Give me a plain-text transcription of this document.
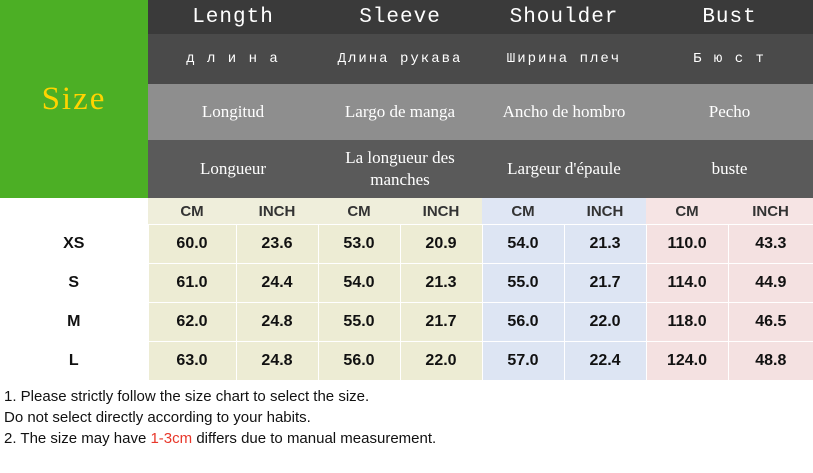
Size	Length		Sleeve		Shoulder		Bust	
	д л и н а		Длина рукава		Ширина плеч		Б ю с т	
	Longitud		Largo de manga		Ancho de hombro		Pecho	
	Longueur		La longueur des manches		Largeur d'épaule		buste	
	CM	INCH	CM	INCH	CM	INCH	CM	INCH
XS	60.0	23.6	53.0	20.9	54.0	21.3	110.0	43.3
S	61.0	24.4	54.0	21.3	55.0	21.7	114.0	44.9
M	62.0	24.8	55.0	21.7	56.0	22.0	118.0	46.5
L	63.0	24.8	56.0	22.0	57.0	22.4	124.0	48.8
1. Please strictly follow the size chart to select the size.
Do not select directly according to your habits.
2. The size may have 1-3cm differs due to manual measurement.
